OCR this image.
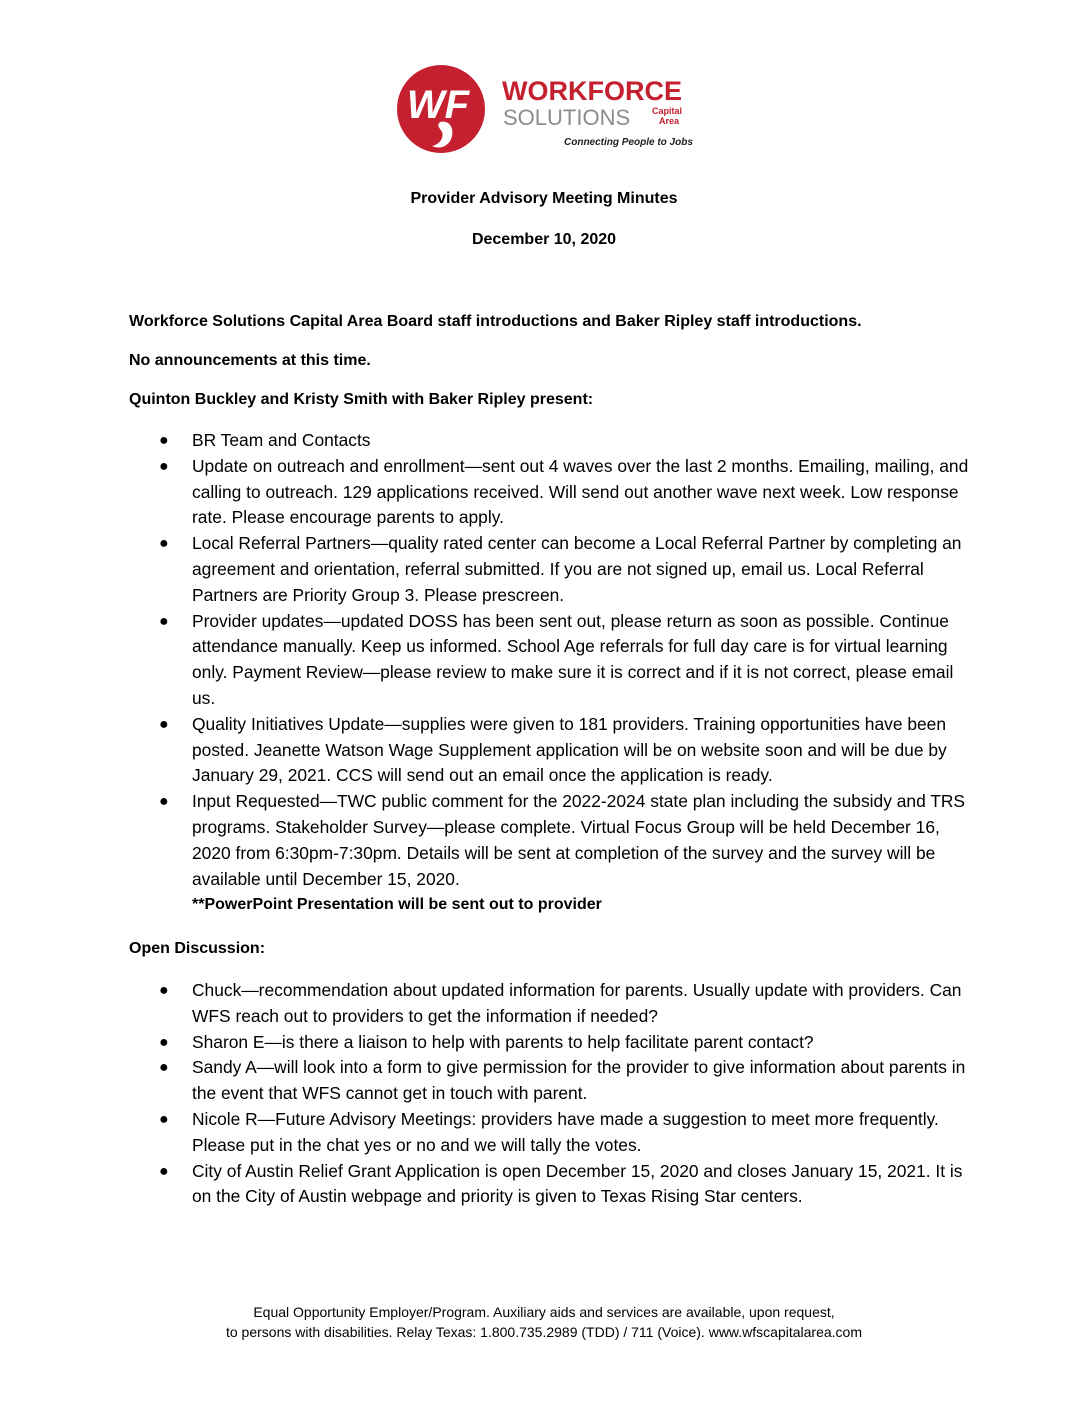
WF WORKFORCE
SOLUTIONS Capital
Area
Connecting People to Jobs
Provider Advisory Meeting Minutes
December 10, 2020
Workforce Solutions Capital Area Board staff introductions and Baker Ripley staff introductions.
No announcements at this time.
Quinton Buckley and Kristy Smith with Baker Ripley present:
● BR Team and Contacts
● Update on outreach and enrollment—sent out 4 waves over the last 2 months. Emailing, mailing, and calling to outreach. 129 applications received. Will send out another wave next week. Low response rate. Please encourage parents to apply.
● Local Referral Partners—quality rated center can become a Local Referral Partner by completing an agreement and orientation, referral submitted. If you are not signed up, email us. Local Referral Partners are Priority Group 3. Please prescreen.
● Provider updates—updated DOSS has been sent out, please return as soon as possible. Continue attendance manually. Keep us informed. School Age referrals for full day care is for virtual learning only. Payment Review—please review to make sure it is correct and if it is not correct, please email us.
● Quality Initiatives Update—supplies were given to 181 providers. Training opportunities have been posted. Jeanette Watson Wage Supplement application will be on website soon and will be due by January 29, 2021. CCS will send out an email once the application is ready.
● Input Requested—TWC public comment for the 2022-2024 state plan including the subsidy and TRS programs. Stakeholder Survey—please complete. Virtual Focus Group will be held December 16, 2020 from 6:30pm-7:30pm. Details will be sent at completion of the survey and the survey will be available until December 15, 2020.
**PowerPoint Presentation will be sent out to provider
Open Discussion:
● Chuck—recommendation about updated information for parents. Usually update with providers. Can WFS reach out to providers to get the information if needed?
● Sharon E—is there a liaison to help with parents to help facilitate parent contact?
● Sandy A—will look into a form to give permission for the provider to give information about parents in the event that WFS cannot get in touch with parent.
● Nicole R—Future Advisory Meetings: providers have made a suggestion to meet more frequently. Please put in the chat yes or no and we will tally the votes.
● City of Austin Relief Grant Application is open December 15, 2020 and closes January 15, 2021. It is on the City of Austin webpage and priority is given to Texas Rising Star centers.
Equal Opportunity Employer/Program. Auxiliary aids and services are available, upon request,
to persons with disabilities. Relay Texas: 1.800.735.2989 (TDD) / 711 (Voice). www.wfscapitalarea.com
